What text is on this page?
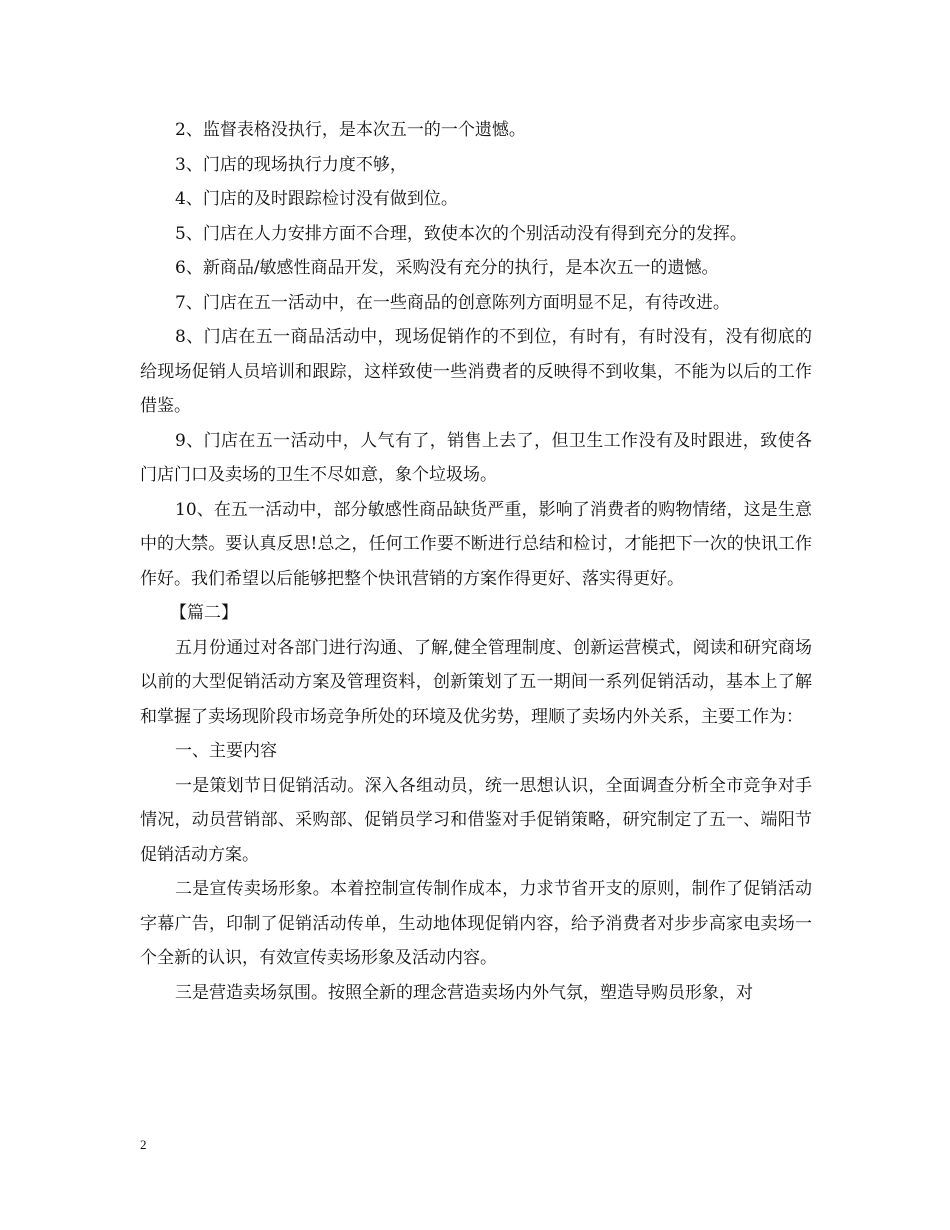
2、监督表格没执行，是本次五一的一个遗憾。

3、门店的现场执行力度不够，

4、门店的及时跟踪检讨没有做到位。

5、门店在人力安排方面不合理，致使本次的个别活动没有得到充分的发挥。

6、新商品/敏感性商品开发，采购没有充分的执行，是本次五一的遗憾。

7、门店在五一活动中，在一些商品的创意陈列方面明显不足，有待改进。

8、门店在五一商品活动中，现场促销作的不到位，有时有，有时没有，没有彻底的给现场促销人员培训和跟踪，这样致使一些消费者的反映得不到收集，不能为以后的工作借鉴。

9、门店在五一活动中，人气有了，销售上去了，但卫生工作没有及时跟进，致使各门店门口及卖场的卫生不尽如意，象个垃圾场。

10、在五一活动中，部分敏感性商品缺货严重，影响了消费者的购物情绪，这是生意中的大禁。要认真反思!总之，任何工作要不断进行总结和检讨，才能把下一次的快讯工作作好。我们希望以后能够把整个快讯营销的方案作得更好、落实得更好。

【篇二】

五月份通过对各部门进行沟通、了解,健全管理制度、创新运营模式，阅读和研究商场以前的大型促销活动方案及管理资料，创新策划了五一期间一系列促销活动，基本上了解和掌握了卖场现阶段市场竞争所处的环境及优劣势，理顺了卖场内外关系，主要工作为：

一、主要内容

一是策划节日促销活动。深入各组动员，统一思想认识，全面调查分析全市竞争对手情况，动员营销部、采购部、促销员学习和借鉴对手促销策略，研究制定了五一、端阳节促销活动方案。

二是宣传卖场形象。本着控制宣传制作成本，力求节省开支的原则，制作了促销活动字幕广告，印制了促销活动传单，生动地体现促销内容，给予消费者对步步高家电卖场一个全新的认识，有效宣传卖场形象及活动内容。

三是营造卖场氛围。按照全新的理念营造卖场内外气氛，塑造导购员形象，对

2
